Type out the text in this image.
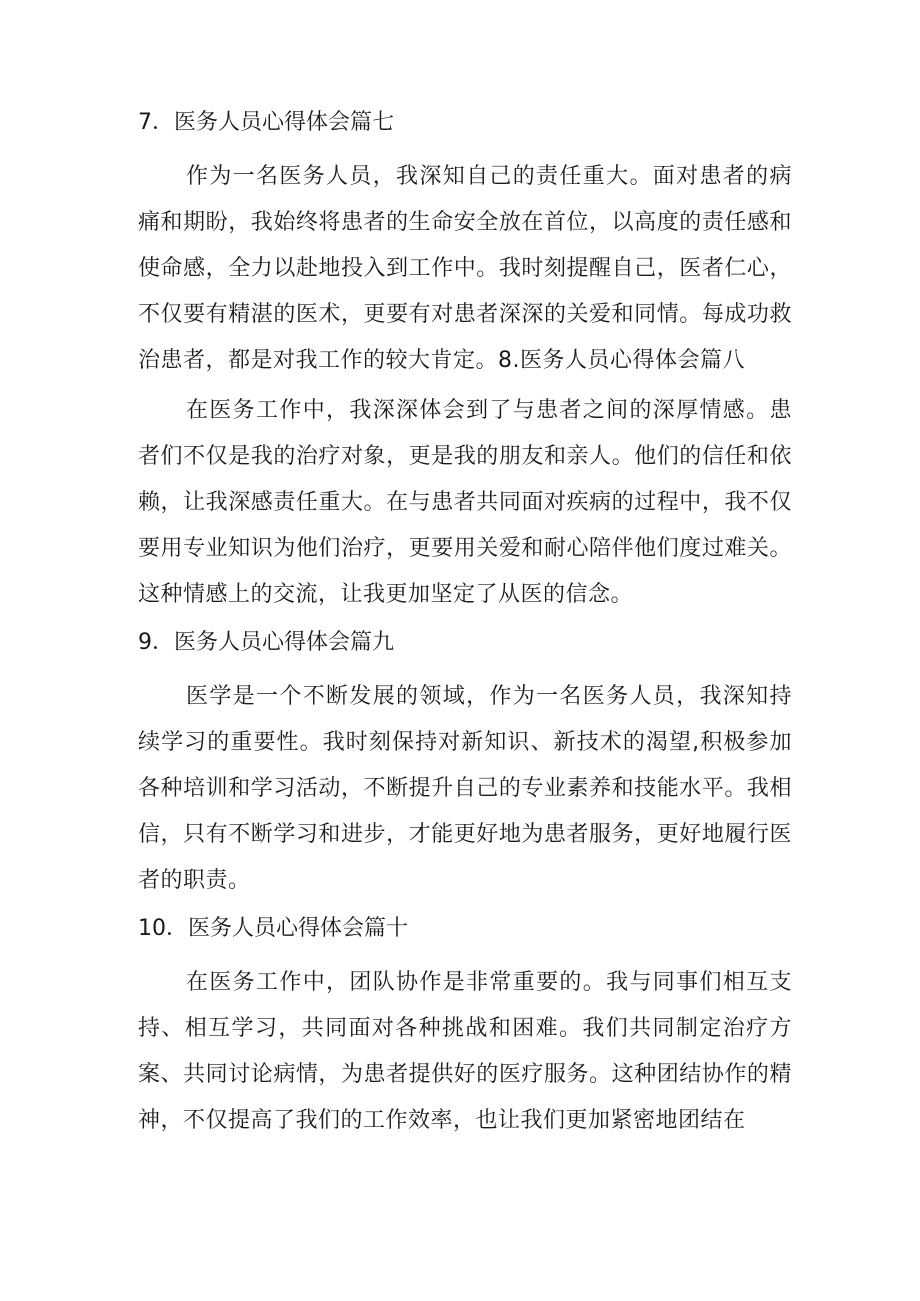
7．医务人员心得体会篇七

作为一名医务人员，我深知自己的责任重大。面对患者的病痛和期盼，我始终将患者的生命安全放在首位，以高度的责任感和使命感，全力以赴地投入到工作中。我时刻提醒自己，医者仁心，不仅要有精湛的医术，更要有对患者深深的关爱和同情。每成功救治患者，都是对我工作的较大肯定。8.医务人员心得体会篇八

在医务工作中，我深深体会到了与患者之间的深厚情感。患者们不仅是我的治疗对象，更是我的朋友和亲人。他们的信任和依赖，让我深感责任重大。在与患者共同面对疾病的过程中，我不仅要用专业知识为他们治疗，更要用关爱和耐心陪伴他们度过难关。这种情感上的交流，让我更加坚定了从医的信念。

9．医务人员心得体会篇九

医学是一个不断发展的领域，作为一名医务人员，我深知持续学习的重要性。我时刻保持对新知识、新技术的渴望,积极参加各种培训和学习活动，不断提升自己的专业素养和技能水平。我相信，只有不断学习和进步，才能更好地为患者服务，更好地履行医者的职责。

10．医务人员心得体会篇十

在医务工作中，团队协作是非常重要的。我与同事们相互支持、相互学习，共同面对各种挑战和困难。我们共同制定治疗方案、共同讨论病情，为患者提供好的医疗服务。这种团结协作的精神，不仅提高了我们的工作效率，也让我们更加紧密地团结在
